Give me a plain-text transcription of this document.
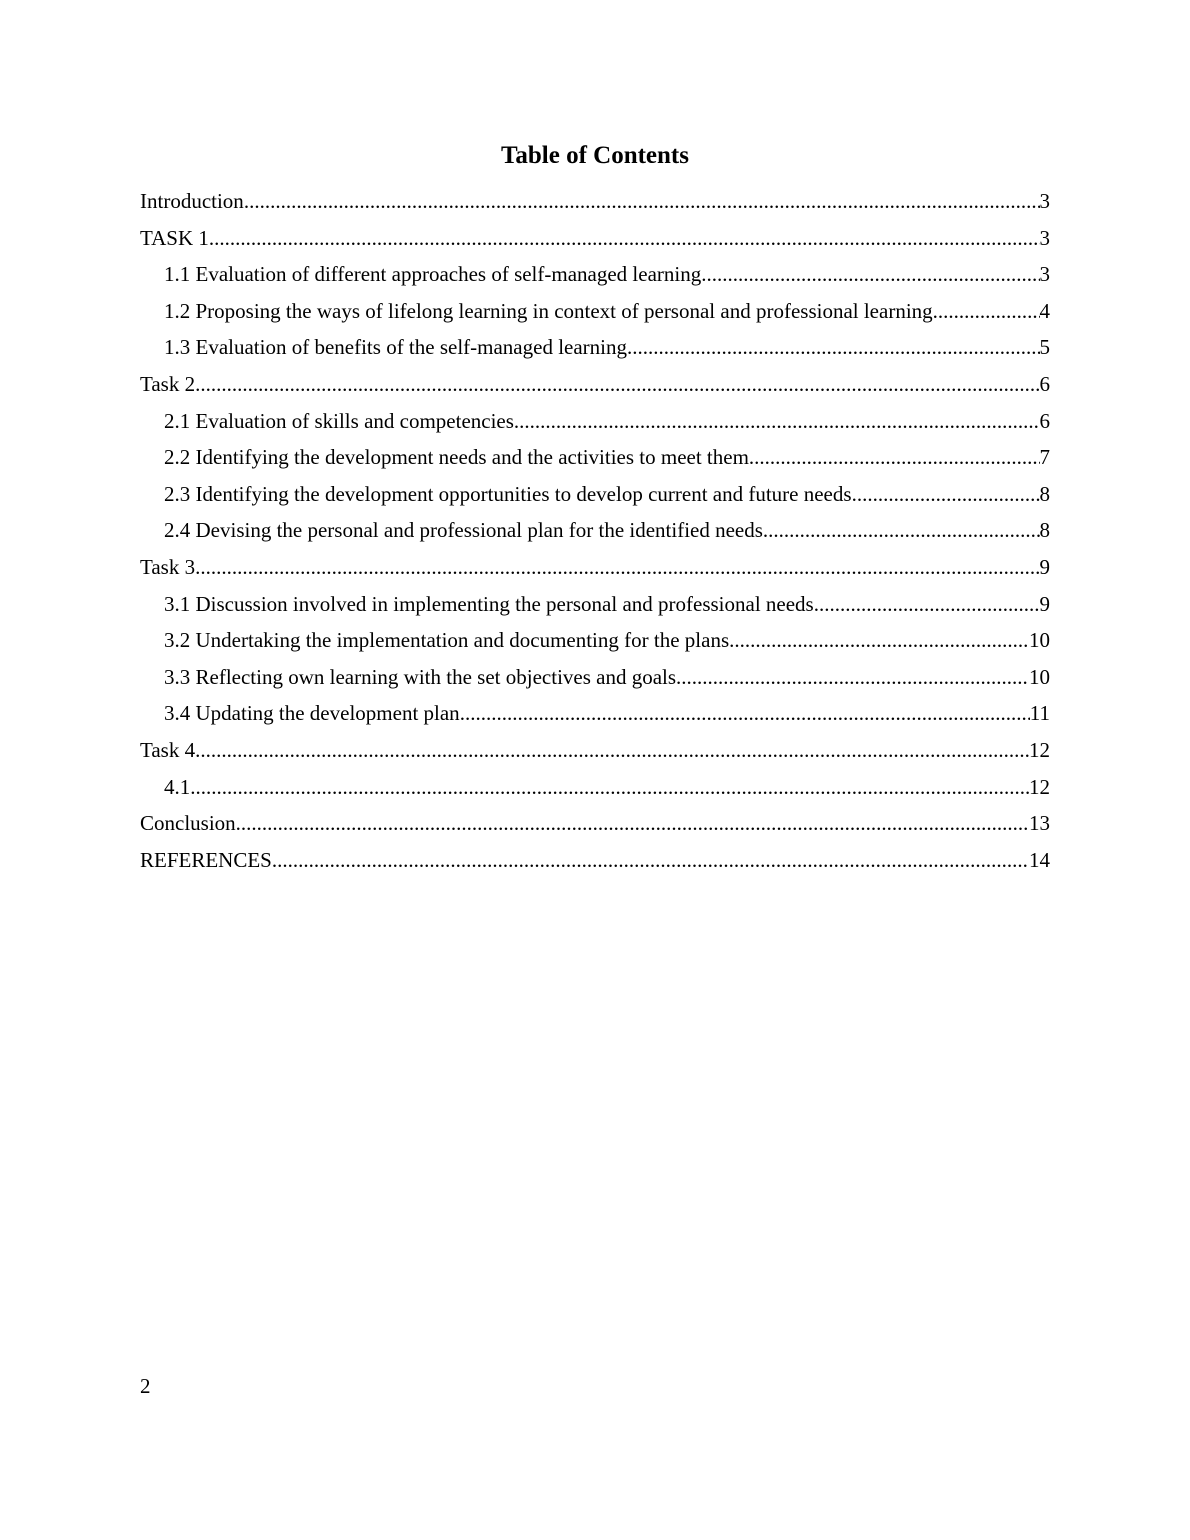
Table of Contents
Introduction .....	3
TASK 1 .....	3
1.1 Evaluation of different approaches of self-managed learning .....	3
1.2 Proposing the ways of lifelong learning in context of personal and professional learning .....	4
1.3 Evaluation of benefits of the self-managed learning .....	5
Task 2 .....	6
2.1 Evaluation of skills and competencies .....	6
2.2 Identifying the development needs and the activities to meet them .....	7
2.3 Identifying the development opportunities to develop current and future needs .....	8
2.4 Devising the personal and professional plan for the identified needs .....	8
Task 3 .....	9
3.1 Discussion involved in implementing the personal and professional needs .....	9
3.2 Undertaking the implementation and documenting for the plans .....	10
3.3 Reflecting own learning with the set objectives and goals .....	10
3.4 Updating the development plan .....	11
Task 4 .....	12
4.1 .....	12
Conclusion .....	13
REFERENCES .....	14
2
